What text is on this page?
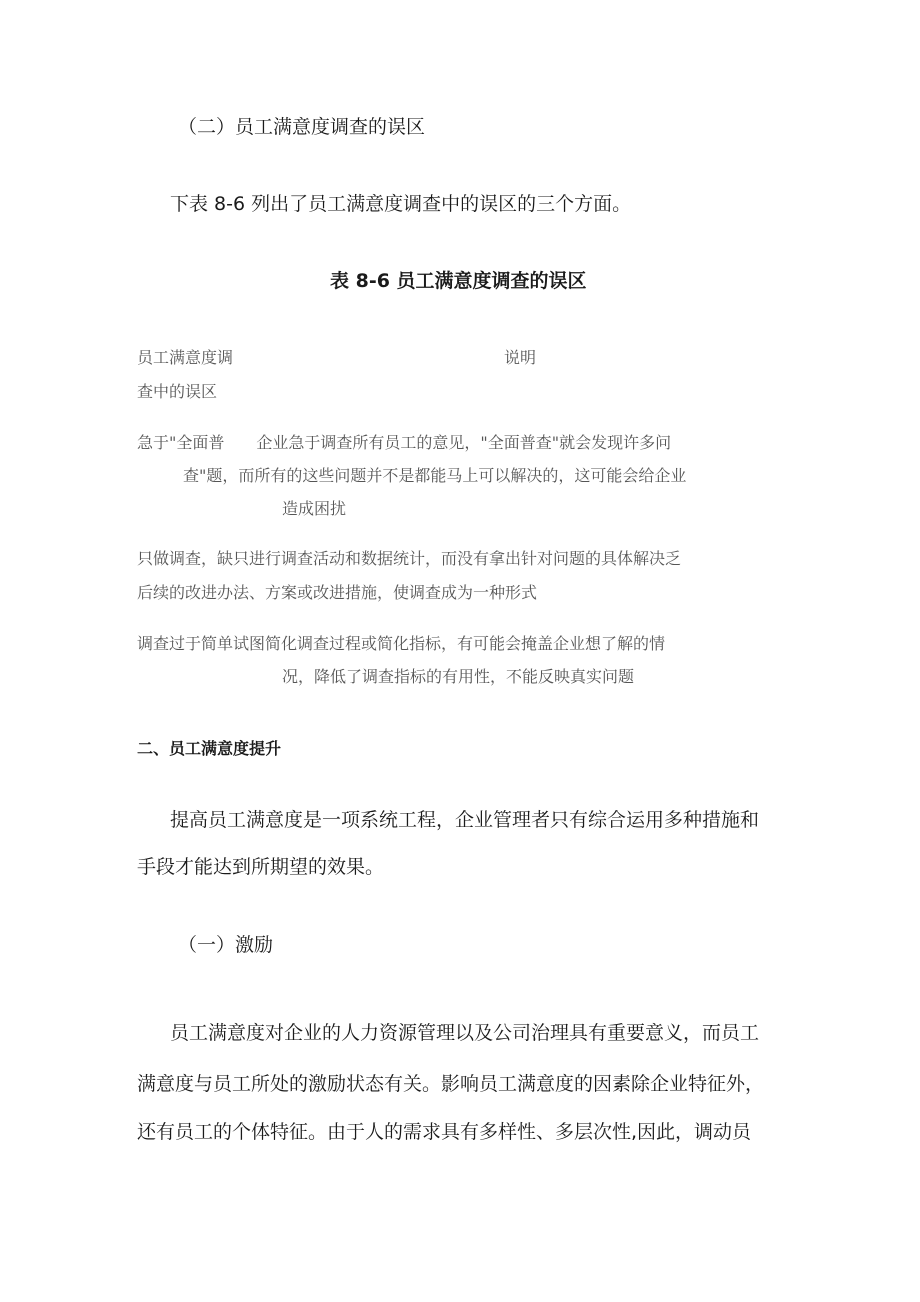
（二）员工满意度调查的误区
下表 8-6 列出了员工满意度调查中的误区的三个方面。
表 8-6 员工满意度调查的误区
员工满意度调	说明
查中的误区
急于"全面普　　企业急于调查所有员工的意见，"全面普查"就会发现许多问
查"题，而所有的这些问题并不是都能马上可以解决的，这可能会给企业
造成困扰
只做调查，缺只进行调查活动和数据统计，而没有拿出针对问题的具体解决乏
后续的改进办法、方案或改进措施，使调查成为一种形式
调查过于简单试图简化调查过程或简化指标，有可能会掩盖企业想了解的情
况，降低了调查指标的有用性，不能反映真实问题
二、员工满意度提升
提高员工满意度是一项系统工程，企业管理者只有综合运用多种措施和
手段才能达到所期望的效果。
（一）激励
员工满意度对企业的人力资源管理以及公司治理具有重要意义，而员工
满意度与员工所处的激励状态有关。影响员工满意度的因素除企业特征外，
还有员工的个体特征。由于人的需求具有多样性、多层次性,因此，调动员
